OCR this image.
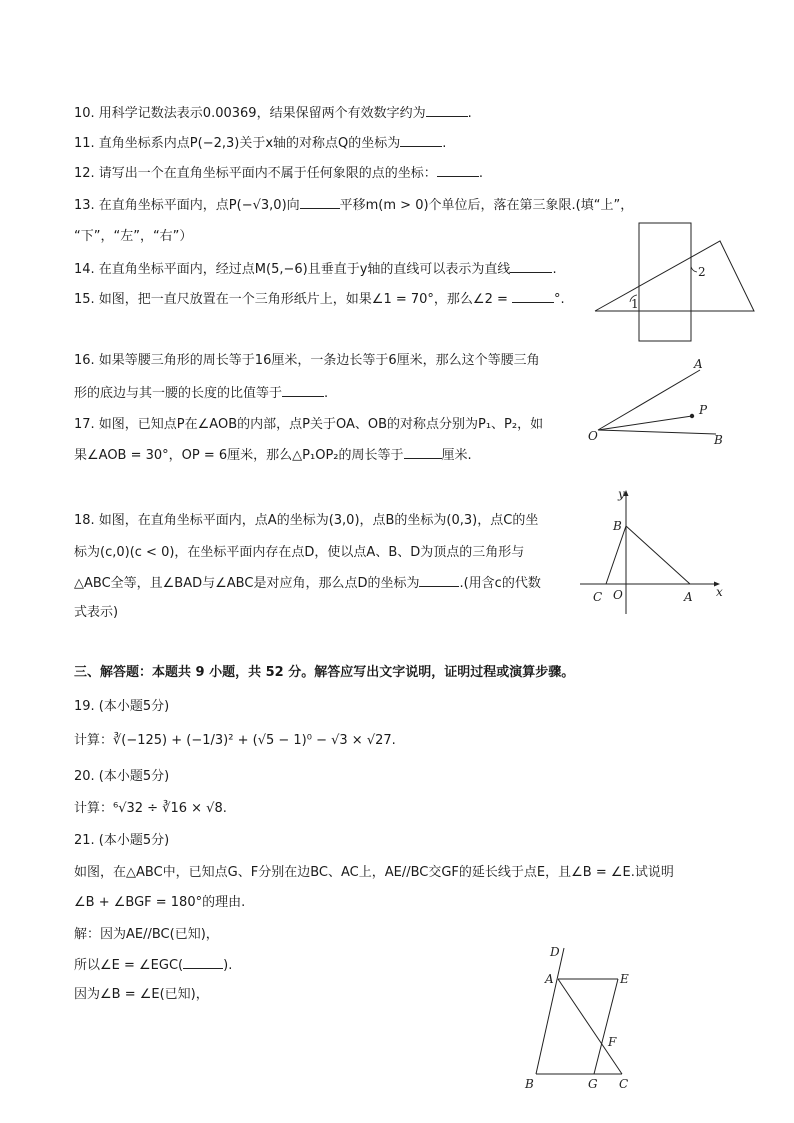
10. 用科学记数法表示0.00369，结果保留两个有效数字约为	.
11. 直角坐标系内点P(−2,3)关于x轴的对称点Q的坐标为	.
12. 请写出一个在直角坐标平面内不属于任何象限的点的坐标：	.
13. 在直角坐标平面内，点P(−√3,0)向	平移m(m > 0)个单位后，落在第三象限.(填“上”，
“下”，“左”，“右”）
14. 在直角坐标平面内，经过点M(5,−6)且垂直于y轴的直线可以表示为直线	.
15. 如图，把一直尺放置在一个三角形纸片上，如果∠1 = 70°，那么∠2 =	°.	1
2
16. 如果等腰三角形的周长等于16厘米，一条边长等于6厘米，那么这个等腰三角
形的底边与其一腰的长度的比值等于	.
17. 如图，已知点P在∠AOB的内部，点P关于OA、OB的对称点分别为P₁、P₂，如
果∠AOB = 30°，OP = 6厘米，那么△P₁OP₂的周长等于	厘米.
A
P
O	B
18. 如图，在直角坐标平面内，点A的坐标为(3,0)，点B的坐标为(0,3)，点C的坐
标为(c,0)(c < 0)，在坐标平面内存在点D，使以点A、B、D为顶点的三角形与
△ABC全等，且∠BAD与∠ABC是对应角，那么点D的坐标为	.(用含c的代数
式表示)
y
x
B
C O	A
三、解答题：本题共 9 小题，共 52 分。解答应写出文字说明，证明过程或演算步骤。
19. (本小题5分)
计算：∛(−125) + (−1/3)² + (√5 − 1)⁰ − √3 × √27.
20. (本小题5分)
计算：⁶√32 ÷ ∛16 × √8.
21. (本小题5分)
如图，在△ABC中，已知点G、F分别在边BC、AC上，AE//BC交GF的延长线于点E，且∠B = ∠E.试说明
∠B + ∠BGF = 180°的理由.
解：因为AE//BC(已知)，
所以∠E = ∠EGC(	).
因为∠B = ∠E(已知)，
D
A	E
F
B	G C
